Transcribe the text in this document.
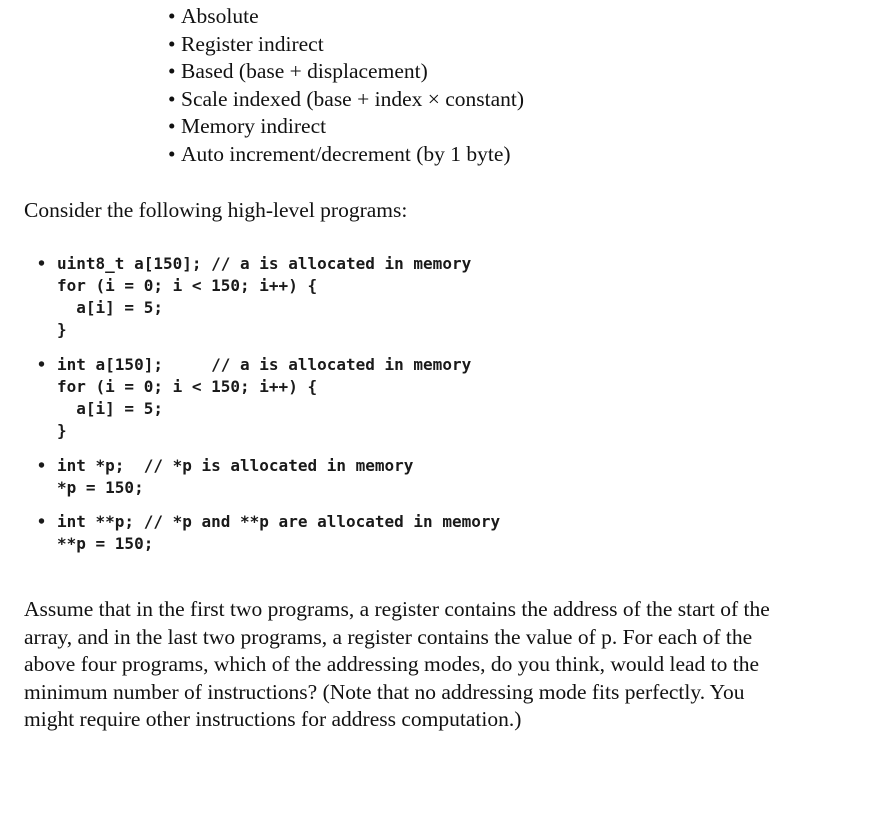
• Absolute
• Register indirect
• Based (base + displacement)
• Scale indexed (base + index × constant)
• Memory indirect
• Auto increment/decrement (by 1 byte)

Consider the following high-level programs:

• uint8_t a[150]; // a is allocated in memory
for (i = 0; i < 150; i++) {
a[i] = 5;
}
• int a[150];     // a is allocated in memory
for (i = 0; i < 150; i++) {
a[i] = 5;
}
• int *p;  // *p is allocated in memory
*p = 150;
• int **p; // *p and **p are allocated in memory
**p = 150;

Assume that in the first two programs, a register contains the address of the start of the
array, and in the last two programs, a register contains the value of p. For each of the
above four programs, which of the addressing modes, do you think, would lead to the
minimum number of instructions? (Note that no addressing mode fits perfectly. You
might require other instructions for address computation.)
